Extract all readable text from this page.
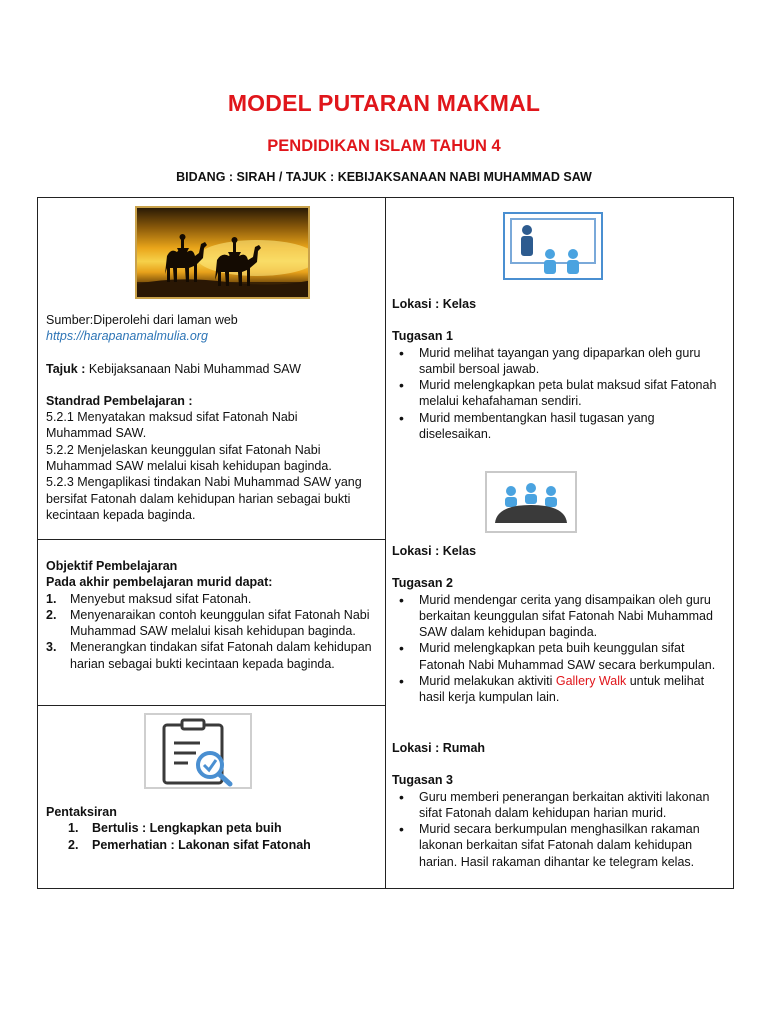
MODEL PUTARAN MAKMAL
PENDIDIKAN ISLAM TAHUN 4
BIDANG : SIRAH / TAJUK : KEBIJAKSANAAN NABI MUHAMMAD SAW
Sumber:Diperolehi dari laman web
https://harapanamalmulia.org
Tajuk : Kebijaksanaan Nabi Muhammad SAW
Standrad Pembelajaran :
5.2.1 Menyatakan maksud sifat Fatonah Nabi
Muhammad SAW.
5.2.2 Menjelaskan keunggulan sifat Fatonah Nabi
Muhammad SAW melalui kisah kehidupan baginda.
5.2.3 Mengaplikasi tindakan Nabi Muhammad SAW yang
bersifat Fatonah dalam kehidupan harian sebagai bukti
kecintaan kepada baginda.
Objektif Pembelajaran
Pada akhir pembelajaran murid dapat:
1. Menyebut maksud sifat Fatonah.
2. Menyenaraikan contoh keunggulan sifat Fatonah Nabi Muhammad SAW melalui kisah kehidupan baginda.
3. Menerangkan tindakan sifat Fatonah dalam kehidupan harian sebagai bukti kecintaan kepada baginda.
Pentaksiran
1. Bertulis : Lengkapkan peta buih
2. Pemerhatian : Lakonan sifat Fatonah
Lokasi : Kelas
Tugasan 1
• Murid melihat tayangan yang dipaparkan oleh guru sambil bersoal jawab.
• Murid melengkapkan peta bulat maksud sifat Fatonah melalui kehafahaman sendiri.
• Murid membentangkan hasil tugasan yang diselesaikan.
Lokasi : Kelas
Tugasan 2
• Murid mendengar cerita yang disampaikan oleh guru berkaitan keunggulan sifat Fatonah Nabi Muhammad SAW dalam kehidupan baginda.
• Murid melengkapkan peta buih keunggulan sifat Fatonah Nabi Muhammad SAW secara berkumpulan.
• Murid melakukan aktiviti Gallery Walk untuk melihat hasil kerja kumpulan lain.
Lokasi : Rumah
Tugasan 3
• Guru memberi penerangan berkaitan aktiviti lakonan sifat Fatonah dalam kehidupan harian murid.
• Murid secara berkumpulan menghasilkan rakaman lakonan berkaitan sifat Fatonah dalam kehidupan harian. Hasil rakaman dihantar ke telegram kelas.
